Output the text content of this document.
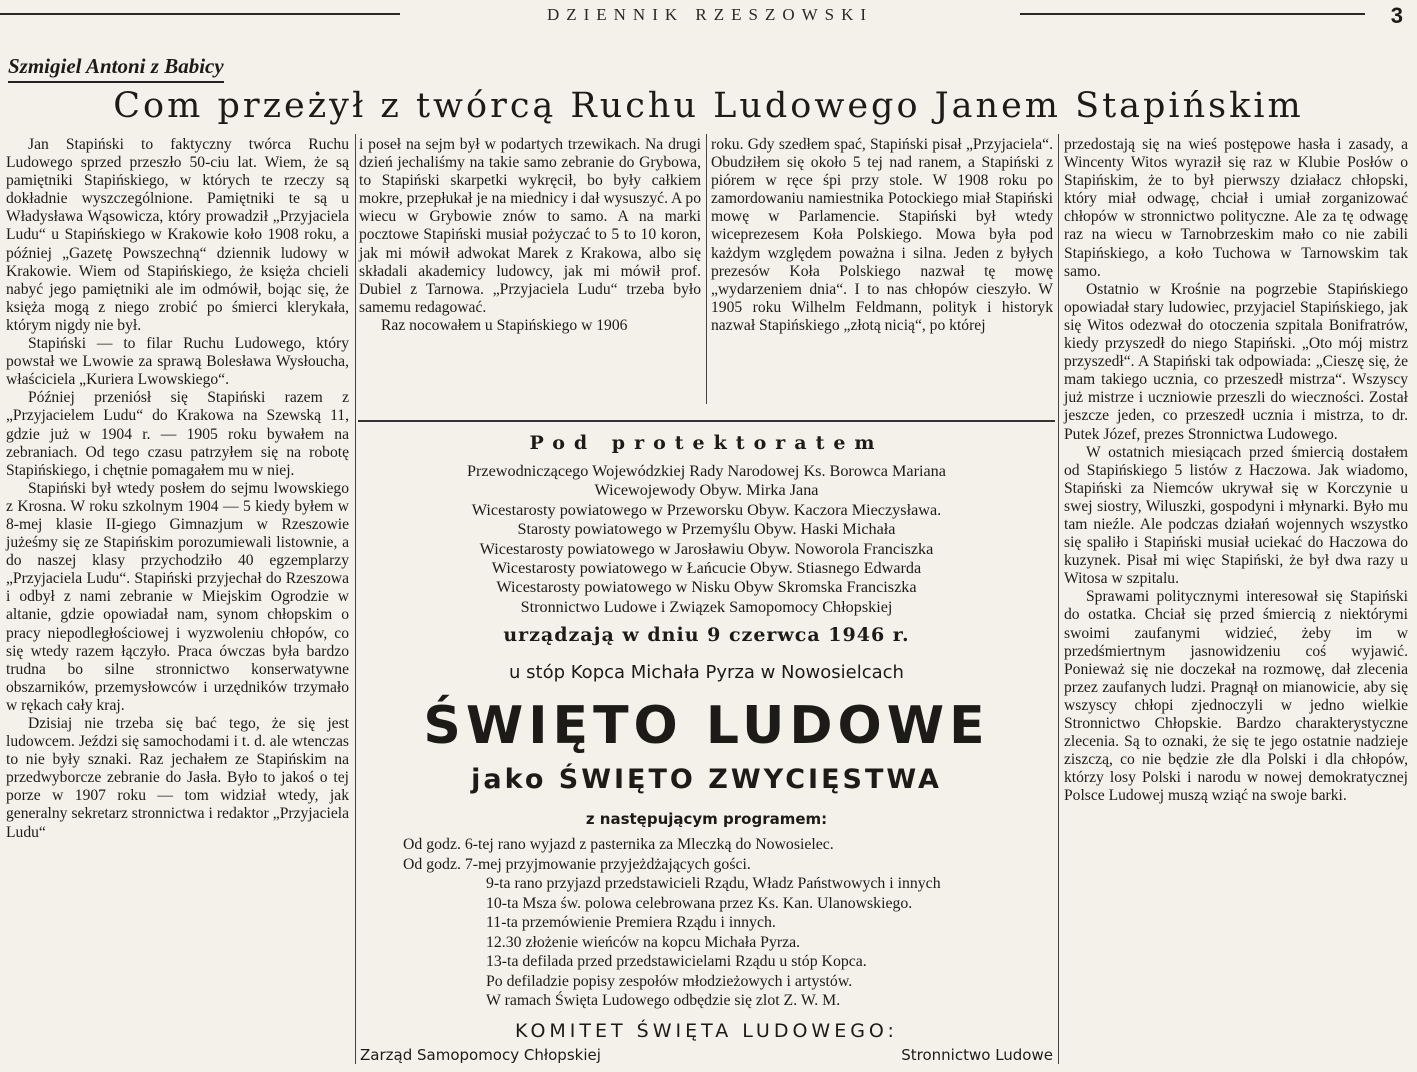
DZIENNIK RZESZOWSKI	3
Szmigiel Antoni z Babicy
Com przeżył z twórcą Ruchu Ludowego Janem Stapińskim

Jan Stapiński to faktyczny twórca Ruchu Ludowego sprzed przeszło 50-ciu lat. Wiem, że są pamiętniki Stapińskiego, w których te rzeczy są dokładnie wyszczególnione. Pamiętniki te są u Władysława Wąsowicza, który prowadził „Przyjaciela Ludu“ u Stapińskiego w Krakowie koło 1908 roku, a później „Gazetę Powszechną“ dziennik ludowy w Krakowie. Wiem od Stapińskiego, że księża chcieli nabyć jego pamiętniki ale im odmówił, bojąc się, że księża mogą z niego zrobić po śmierci klerykała, którym nigdy nie był.

Stapiński — to filar Ruchu Ludowego, który powstał we Lwowie za sprawą Bolesława Wysłoucha, właściciela „Kuriera Lwowskiego“.

Później przeniósł się Stapiński razem z „Przyjacielem Ludu“ do Krakowa na Szewską 11, gdzie już w 1904 r. — 1905 roku bywałem na zebraniach. Od tego czasu patrzyłem się na robotę Stapińskiego, i chętnie pomagałem mu w niej.

Stapiński był wtedy posłem do sejmu lwowskiego z Krosna. W roku szkolnym 1904 — 5 kiedy byłem w 8-mej klasie II-giego Gimnazjum w Rzeszowie jużeśmy się ze Stapińskim porozumiewali listownie, a do naszej klasy przychodziło 40 egzemplarzy „Przyjaciela Ludu“. Stapiński przyjechał do Rzeszowa i odbył z nami zebranie w Miejskim Ogrodzie w altanie, gdzie opowiadał nam, synom chłopskim o pracy niepodległościowej i wyzwoleniu chłopów, co się wtedy razem łączyło. Praca ówczas była bardzo trudna bo silne stronnictwo konserwatywne obszarników, przemysłowców i urzędników trzymało w rękach cały kraj.

Dzisiaj nie trzeba się bać tego, że się jest ludowcem. Jeździ się samochodami i t. d. ale wtenczas to nie były sznaki. Raz jechałem ze Stapińskim na przedwyborcze zebranie do Jasła. Było to jakoś o tej porze w 1907 roku — tom widział wtedy, jak generalny sekretarz stronnictwa i redaktor „Przyjaciela Ludu“

i poseł na sejm był w podartych trzewikach. Na drugi dzień jechaliśmy na takie samo zebranie do Grybowa, to Stapiński skarpetki wykręcił, bo były całkiem mokre, przepłukał je na miednicy i dał wysuszyć. A po wiecu w Grybowie znów to samo. A na marki pocztowe Stapiński musiał pożyczać to 5 to 10 koron, jak mi mówił adwokat Marek z Krakowa, albo się składali akademicy ludowcy, jak mi mówił prof. Dubiel z Tarnowa. „Przyjaciela Ludu“ trzeba było samemu redagować.

Raz nocowałem u Stapińskiego w 1906

roku. Gdy szedłem spać, Stapiński pisał „Przyjaciela“. Obudziłem się około 5 tej nad ranem, a Stapiński z piórem w ręce śpi przy stole. W 1908 roku po zamordowaniu namiestnika Potockiego miał Stapiński mowę w Parlamencie. Stapiński był wtedy wiceprezesem Koła Polskiego. Mowa była pod każdym względem poważna i silna. Jeden z byłych prezesów Koła Polskiego nazwał tę mowę „wydarzeniem dnia“. I to nas chłopów cieszyło. W 1905 roku Wilhelm Feldmann, polityk i historyk nazwał Stapińskiego „złotą nicią“, po której

przedostają się na wieś postępowe hasła i zasady, a Wincenty Witos wyraził się raz w Klubie Posłów o Stapińskim, że to był pierwszy działacz chłopski, który miał odwagę, chciał i umiał zorganizować chłopów w stronnictwo polityczne. Ale za tę odwagę raz na wiecu w Tarnobrzeskim mało co nie zabili Stapińskiego, a koło Tuchowa w Tarnowskim tak samo.

Ostatnio w Krośnie na pogrzebie Stapińskiego opowiadał stary ludowiec, przyjaciel Stapińskiego, jak się Witos odezwał do otoczenia szpitala Bonifratrów, kiedy przyszedł do niego Stapiński. „Oto mój mistrz przyszedł“. A Stapiński tak odpowiada: „Cieszę się, że mam takiego ucznia, co przeszedł mistrza“. Wszyscy już mistrze i uczniowie przeszli do wieczności. Został jeszcze jeden, co przeszedł ucznia i mistrza, to dr. Putek Józef, prezes Stronnictwa Ludowego.

W ostatnich miesiącach przed śmiercią dostałem od Stapińskiego 5 listów z Haczowa. Jak wiadomo, Stapiński za Niemców ukrywał się w Korczynie u swej siostry, Wiluszki, gospodyni i młynarki. Było mu tam nieźle. Ale podczas działań wojennych wszystko się spaliło i Stapiński musiał uciekać do Haczowa do kuzynek. Pisał mi więc Stapiński, że był dwa razy u Witosa w szpitalu.

Sprawami politycznymi interesował się Stapiński do ostatka. Chciał się przed śmiercią z niektórymi swoimi zaufanymi widzieć, żeby im w przedśmiertnym jasnowidzeniu coś wyjawić. Ponieważ się nie doczekał na rozmowę, dał zlecenia przez zaufanych ludzi. Pragnął on mianowicie, aby się wszyscy chłopi zjednoczyli w jedno wielkie Stronnictwo Chłopskie. Bardzo charakterystyczne zlecenia. Są to oznaki, że się te jego ostatnie nadzieje ziszczą, co nie będzie złe dla Polski i dla chłopów, którzy losy Polski i narodu w nowej demokratycznej Polsce Ludowej muszą wziąć na swoje barki.

Pod protektoratem
Przewodniczącego Wojewódzkiej Rady Narodowej Ks. Borowca Mariana
Wicewojewody Obyw. Mirka Jana
Wicestarosty powiatowego w Przeworsku Obyw. Kaczora Mieczysława.
Starosty powiatowego w Przemyślu Obyw. Haski Michała
Wicestarosty powiatowego w Jarosławiu Obyw. Noworola Franciszka
Wicestarosty powiatowego w Łańcucie Obyw. Stiasnego Edwarda
Wicestarosty powiatowego w Nisku Obyw Skromska Franciszka
Stronnictwo Ludowe i Związek Samopomocy Chłopskiej
urządzają w dniu 9 czerwca 1946 r.
u stóp Kopca Michała Pyrza w Nowosielcach
ŚWIĘTO LUDOWE
jako ŚWIĘTO ZWYCIĘSTWA
z następującym programem:
Od godz. 6-tej rano wyjazd z pasternika za Mleczką do Nowosielec.
Od godz. 7-mej przyjmowanie przyjeżdżających gości.
9-ta rano przyjazd przedstawicieli Rządu, Władz Państwowych i innych
10-ta Msza św. polowa celebrowana przez Ks. Kan. Ulanowskiego.
11-ta przemówienie Premiera Rządu i innych.
12.30 złożenie wieńców na kopcu Michała Pyrza.
13-ta defilada przed przedstawicielami Rządu u stóp Kopca.
Po defiladzie popisy zespołów młodzieżowych i artystów.
W ramach Święta Ludowego odbędzie się zlot Z. W. M.
KOMITET ŚWIĘTA LUDOWEGO:
Zarząd Samopomocy Chłopskiej	Stronnictwo Ludowe
